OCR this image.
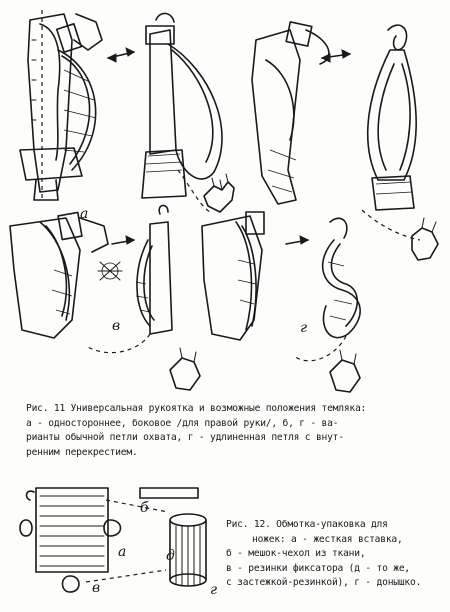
а
в	г
б
д
а
в	г
Рис. 11 Универсальная рукоятка и возможные положения темляка:
а - одностороннее, боковое /для правой руки/, б, г - ва-
рианты обычной петли охвата, г - удлиненная петля с внут-
ренним перекрестием.
Рис. 12. Обмотка-упаковка для
ножек: а - жесткая вставка,
б - мешок-чехол из ткани,
в - резинки фиксатора (д - то же,
с застежкой-резинкой), г - донышко.
